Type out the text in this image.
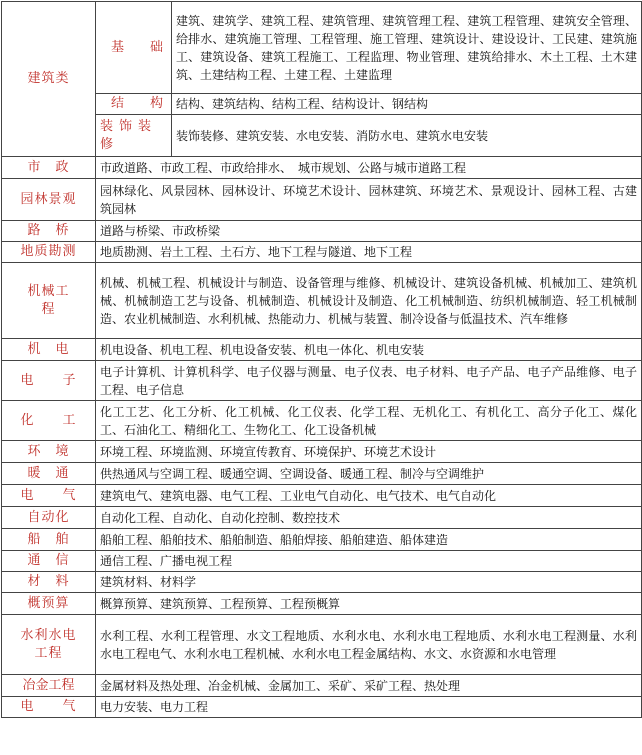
建筑类	基　　础	建筑、建筑学、建筑工程、建筑管理、建筑管理工程、建筑工程管理、建筑安全管理、给排水、建筑施工管理、工程管理、施工管理、建筑设计、建设设计、工民建、建筑施工、建筑设备、建筑工程施工、工程监理、物业管理、建筑给排水、木土工程、土木建筑、土建结构工程、土建工程、土建监理
	结　　构	结构、建筑结构、结构工程、结构设计、钢结构
	装饰装修	装饰装修、建筑安装、水电安装、消防水电、建筑水电安装
市　政	市政道路、市政工程、市政给排水、　城市规划、公路与城市道路工程	
园林景观	园林绿化、风景园林、园林设计、环境艺术设计、园林建筑、环境艺术、景观设计、园林工程、古建筑园林	
路　桥	道路与桥梁、市政桥梁	
地质勘测	地质勘测、岩土工程、土石方、地下工程与隧道、地下工程	
机械工程	机械、机械工程、机械设计与制造、设备管理与维修、机械设计、建筑设备机械、机械加工、建筑机械、机械制造工艺与设备、机械制造、机械设计及制造、化工机械制造、纺织机械制造、轻工机械制造、农业机械制造、水利机械、热能动力、机械与装置、制冷设备与低温技术、汽车维修	
机　电	机电设备、机电工程、机电设备安装、机电一体化、机电安装	
电　　子	电子计算机、计算机科学、电子仪器与测量、电子仪表、电子材料、电子产品、电子产品维修、电子工程、电子信息	
化　　工	化工工艺、化工分析、化工机械、化工仪表、化学工程、无机化工、有机化工、高分子化工、煤化工、石油化工、精细化工、生物化工、化工设备机械	
环　境	环境工程、环境监测、环境宣传教育、环境保护、环境艺术设计	
暖　通	供热通风与空调工程、暖通空调、空调设备、暖通工程、制冷与空调维护	
电　　气	建筑电气、建筑电器、电气工程、工业电气自动化、电气技术、电气自动化	
自动化	自动化工程、自动化、自动化控制、数控技术	
船　舶	船舶工程、船舶技术、船舶制造、船舶焊接、船舶建造、船体建造	
通　信	通信工程、广播电视工程	
材　料	建筑材料、材料学	
概预算	概算预算、建筑预算、工程预算、工程预概算	
水利水电工程	水利工程、水利工程管理、水文工程地质、水利水电、水利水电工程地质、水利水电工程测量、水利水电工程电气、水利水电工程机械、水利水电工程金属结构、水文、水资源和水电管理	
冶金工程	金属材料及热处理、冶金机械、金属加工、采矿、采矿工程、热处理	
电　　气	电力安装、电力工程	
